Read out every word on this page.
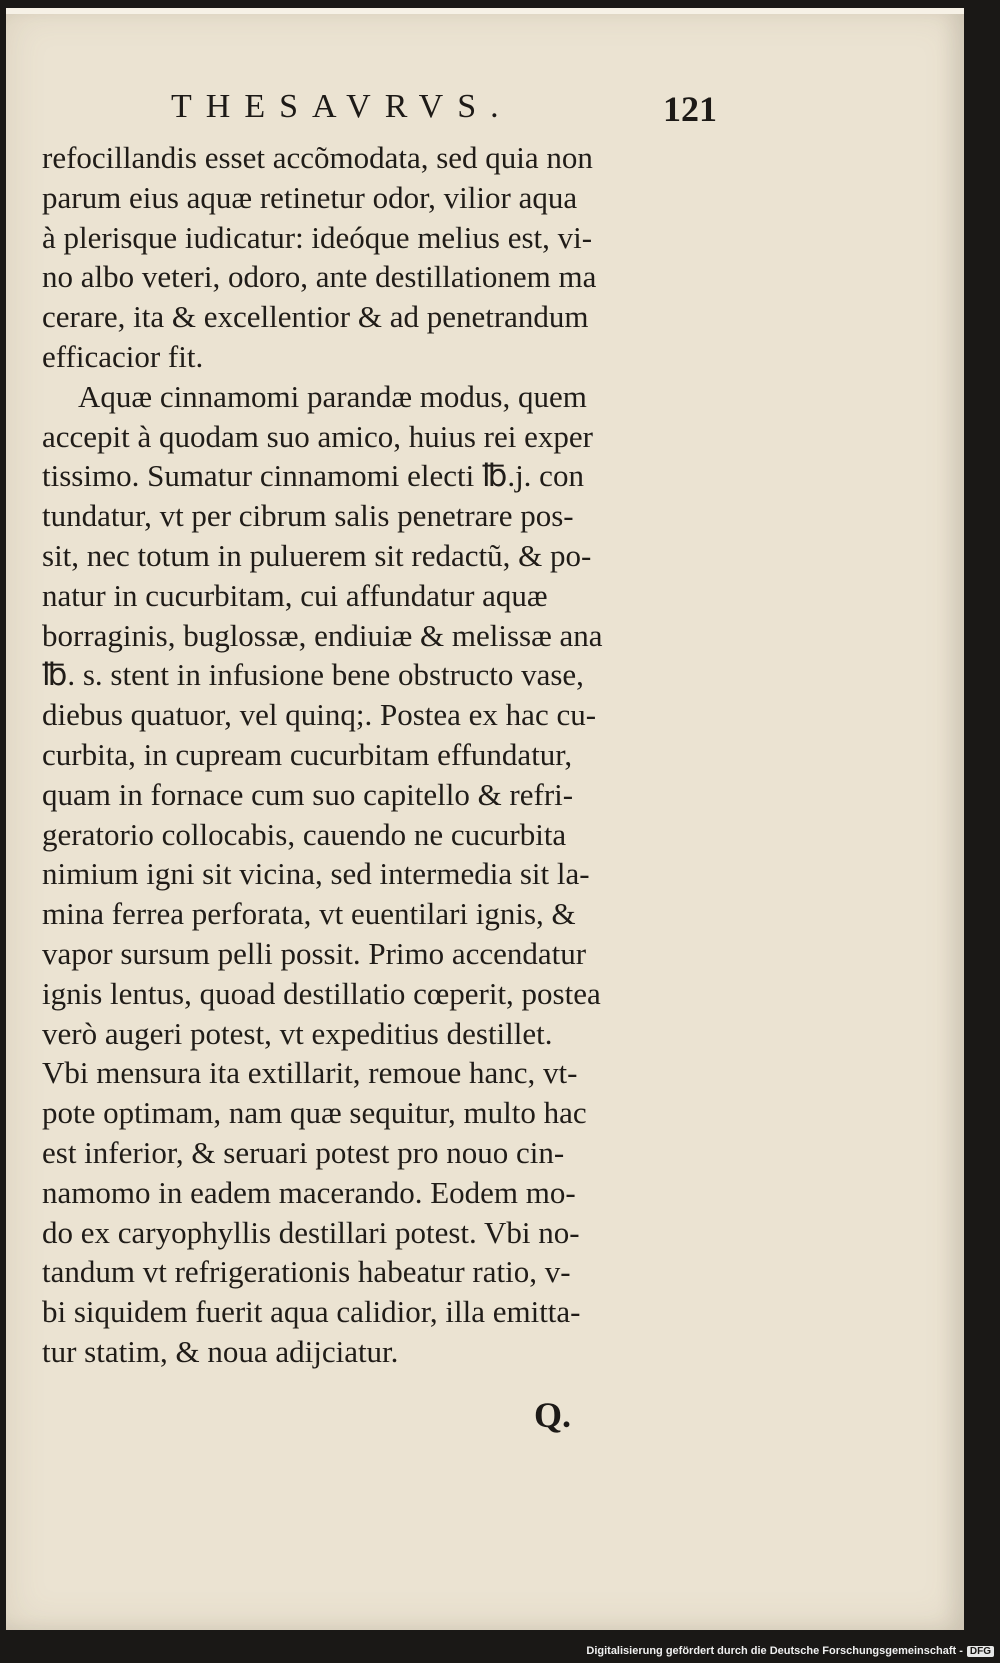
THESAVRVS.	121
refocillandis esset accõmodata, sed quia non
parum eius aquæ retinetur odor, vilior aqua
à plerisque iudicatur: ideóque melius est, vi-
no albo veteri, odoro, ante destillationem ma
cerare, ita & excellentior & ad penetrandum
efficacior fit.
Aquæ cinnamomi parandæ modus, quem
accepit à quodam suo amico, huius rei exper
tissimo. Sumatur cinnamomi electi ℔.j. con
tundatur, vt per cibrum salis penetrare pos-
sit, nec totum in puluerem sit redactũ, & po-
natur in cucurbitam, cui affundatur aquæ
borraginis, buglossæ, endiuiæ & melissæ ana
℔. s. stent in infusione bene obstructo vase,
diebus quatuor, vel quinq;. Postea ex hac cu-
curbita, in cupream cucurbitam effundatur,
quam in fornace cum suo capitello & refri-
geratorio collocabis, cauendo ne cucurbita
nimium igni sit vicina, sed intermedia sit la-
mina ferrea perforata, vt euentilari ignis, &
vapor sursum pelli possit. Primo accendatur
ignis lentus, quoad destillatio cœperit, postea
verò augeri potest, vt expeditius destillet.
Vbi mensura ita extillarit, remoue hanc, vt-
pote optimam, nam quæ sequitur, multo hac
est inferior, & seruari potest pro nouo cin-
namomo in eadem macerando. Eodem mo-
do ex caryophyllis destillari potest. Vbi no-
tandum vt refrigerationis habeatur ratio, v-
bi siquidem fuerit aqua calidior, illa emitta-
tur statim, & noua adijciatur.
Q.
Digitalisierung gefördert durch die Deutsche Forschungsgemeinschaft - DFG
